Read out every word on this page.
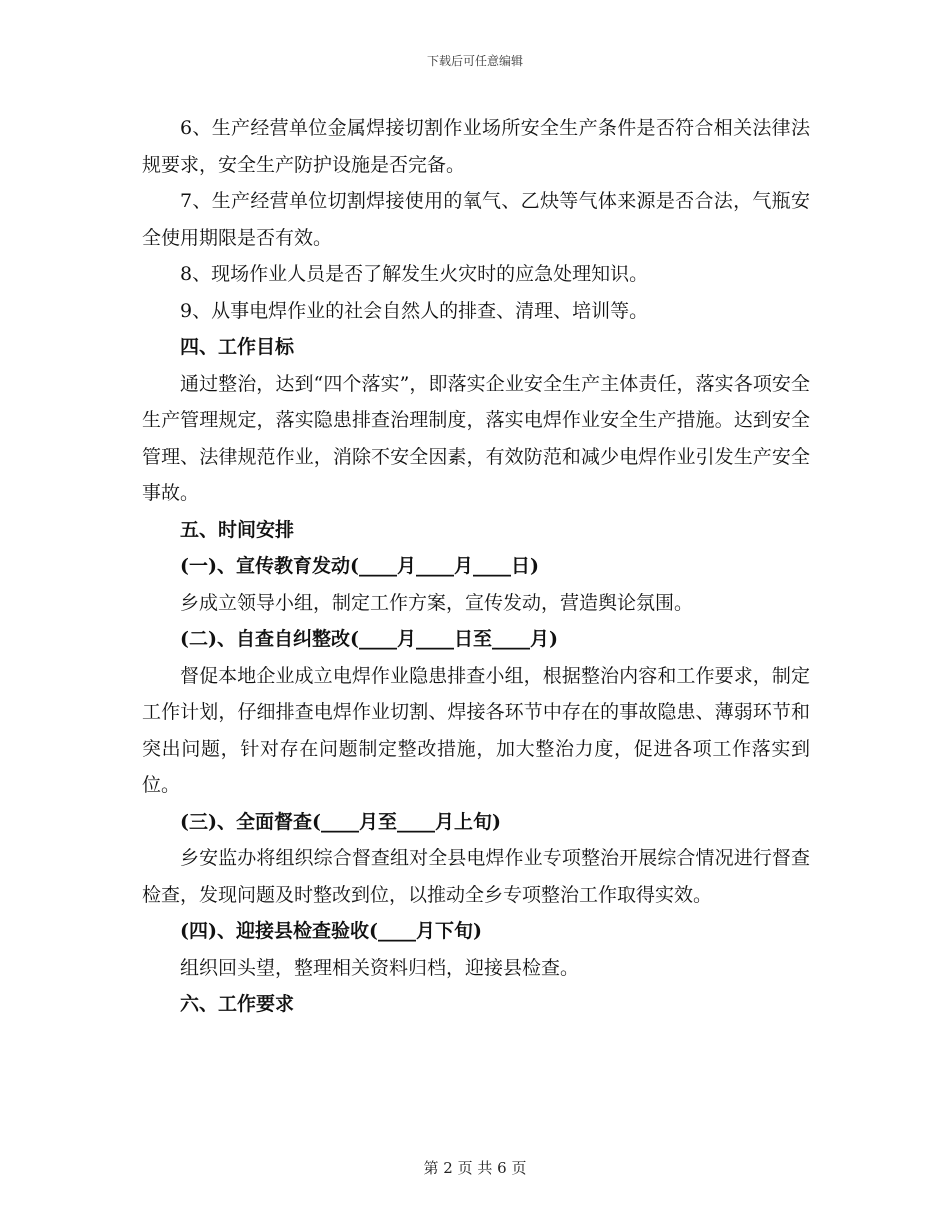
下载后可任意编辑

6、生产经营单位金属焊接切割作业场所安全生产条件是否符合相关法律法规要求，安全生产防护设施是否完备。

7、生产经营单位切割焊接使用的氧气、乙炔等气体来源是否合法，气瓶安全使用期限是否有效。

8、现场作业人员是否了解发生火灾时的应急处理知识。

9、从事电焊作业的社会自然人的排查、清理、培训等。

四、工作目标

通过整治，达到“四个落实”，即落实企业安全生产主体责任，落实各项安全生产管理规定，落实隐患排查治理制度，落实电焊作业安全生产措施。达到安全管理、法律规范作业，消除不安全因素，有效防范和减少电焊作业引发生产安全事故。

五、时间安排

(一)、宣传教育发动(____月____月____日)

乡成立领导小组，制定工作方案，宣传发动，营造舆论氛围。

(二)、自查自纠整改(____月____日至____月)

督促本地企业成立电焊作业隐患排查小组，根据整治内容和工作要求，制定工作计划，仔细排查电焊作业切割、焊接各环节中存在的事故隐患、薄弱环节和突出问题，针对存在问题制定整改措施，加大整治力度，促进各项工作落实到位。

(三)、全面督查(____月至____月上旬)

乡安监办将组织综合督查组对全县电焊作业专项整治开展综合情况进行督查检查，发现问题及时整改到位，以推动全乡专项整治工作取得实效。

(四)、迎接县检查验收(____月下旬)

组织回头望，整理相关资料归档，迎接县检查。

六、工作要求

第 2 页 共 6 页
